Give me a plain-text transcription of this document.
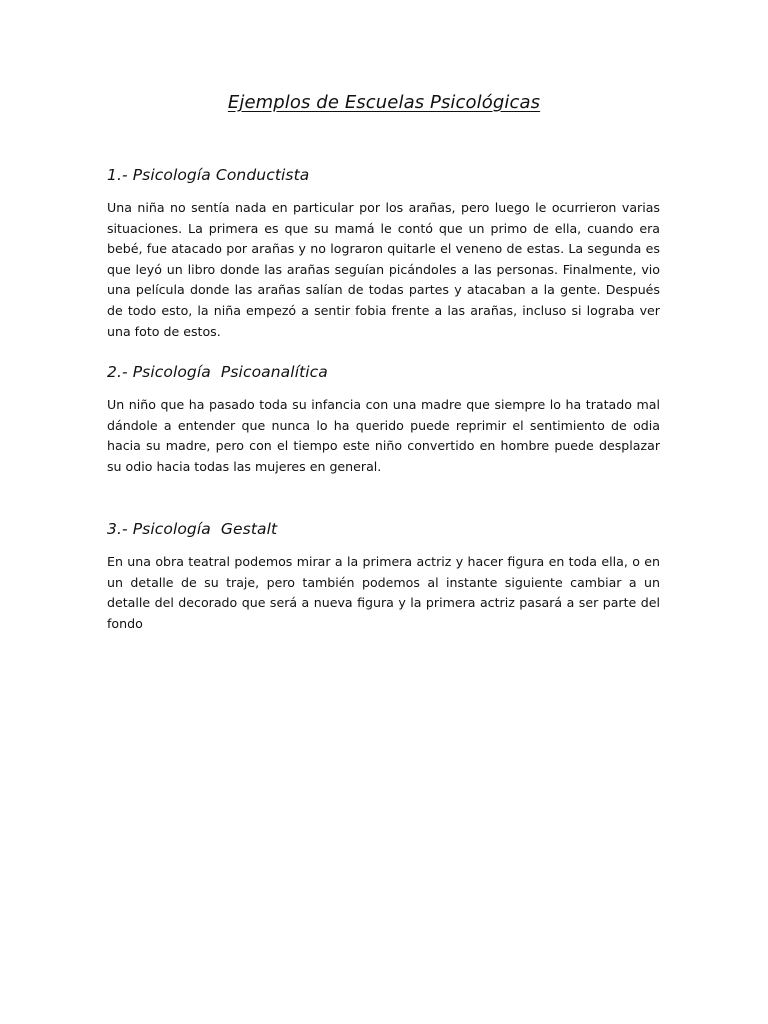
Ejemplos de Escuelas Psicológicas
1.- Psicología Conductista

Una niña no sentía nada en particular por los arañas, pero luego le ocurrieron varias situaciones. La primera es que su mamá le contó que un primo de ella, cuando era bebé, fue atacado por arañas y no lograron quitarle el veneno de estas. La segunda es que leyó un libro donde las arañas seguían picándoles a las personas. Finalmente, vio una película donde las arañas salían de todas partes y atacaban a la gente. Después de todo esto, la niña empezó a sentir fobia frente a las arañas, incluso si lograba ver una foto de estos.

2.- Psicología  Psicoanalítica

Un niño que ha pasado toda su infancia con una madre que siempre lo ha tratado mal dándole a entender que nunca lo ha querido puede reprimir el sentimiento de odia hacia su madre, pero con el tiempo este niño convertido en hombre puede desplazar su odio hacia todas las mujeres en general.

3.- Psicología  Gestalt

En una obra teatral podemos mirar a la primera actriz y hacer figura en toda ella, o en un detalle de su traje, pero también podemos al instante siguiente cambiar a un detalle del decorado que será a nueva figura y la primera actriz pasará a ser parte del fondo
